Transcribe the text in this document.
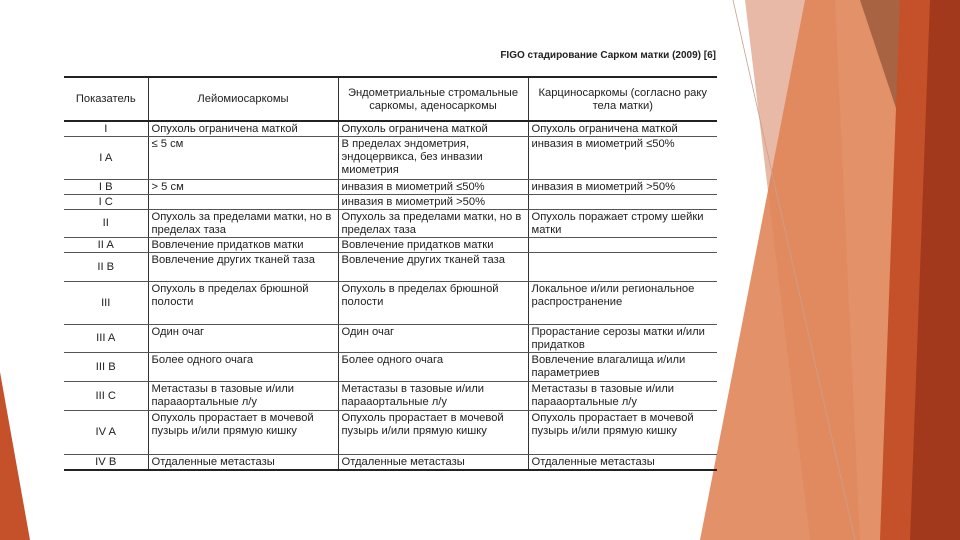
FIGO стадирование Сарком матки (2009) [6]
Показатель	Лейомиосаркомы	Эндометриальные стромальные саркомы, аденосаркомы	Карциносаркомы (согласно раку тела матки)
I	Опухоль ограничена маткой	Опухоль ограничена маткой	Опухоль ограничена маткой
I A	≤ 5 см	В пределах эндометрия, эндоцервикса, без инвазии миометрия	инвазия в миометрий ≤50%
I B	> 5 см	инвазия в миометрий ≤50%	инвазия в миометрий >50%
I C		инвазия в миометрий >50%	
II	Опухоль за пределами матки, но в пределах таза	Опухоль за пределами матки, но в пределах таза	Опухоль поражает строму шейки матки
II A	Вовлечение придатков матки	Вовлечение придатков матки	
II B	Вовлечение других тканей таза	Вовлечение других тканей таза	
III	Опухоль в пределах брюшной полости	Опухоль в пределах брюшной полости	Локальное и/или региональное распространение
III A	Один очаг	Один очаг	Прорастание серозы матки и/или придатков
III B	Более одного очага	Более одного очага	Вовлечение влагалища и/или параметриев
III C	Метастазы в тазовые и/или парааортальные л/у	Метастазы в тазовые и/или парааортальные л/у	Метастазы в тазовые и/или парааортальные л/у
IV A	Опухоль прорастает в мочевой пузырь и/или прямую кишку	Опухоль прорастает в мочевой пузырь и/или прямую кишку	Опухоль прорастает в мочевой пузырь и/или прямую кишку
IV B	Отдаленные метастазы	Отдаленные метастазы	Отдаленные метастазы
